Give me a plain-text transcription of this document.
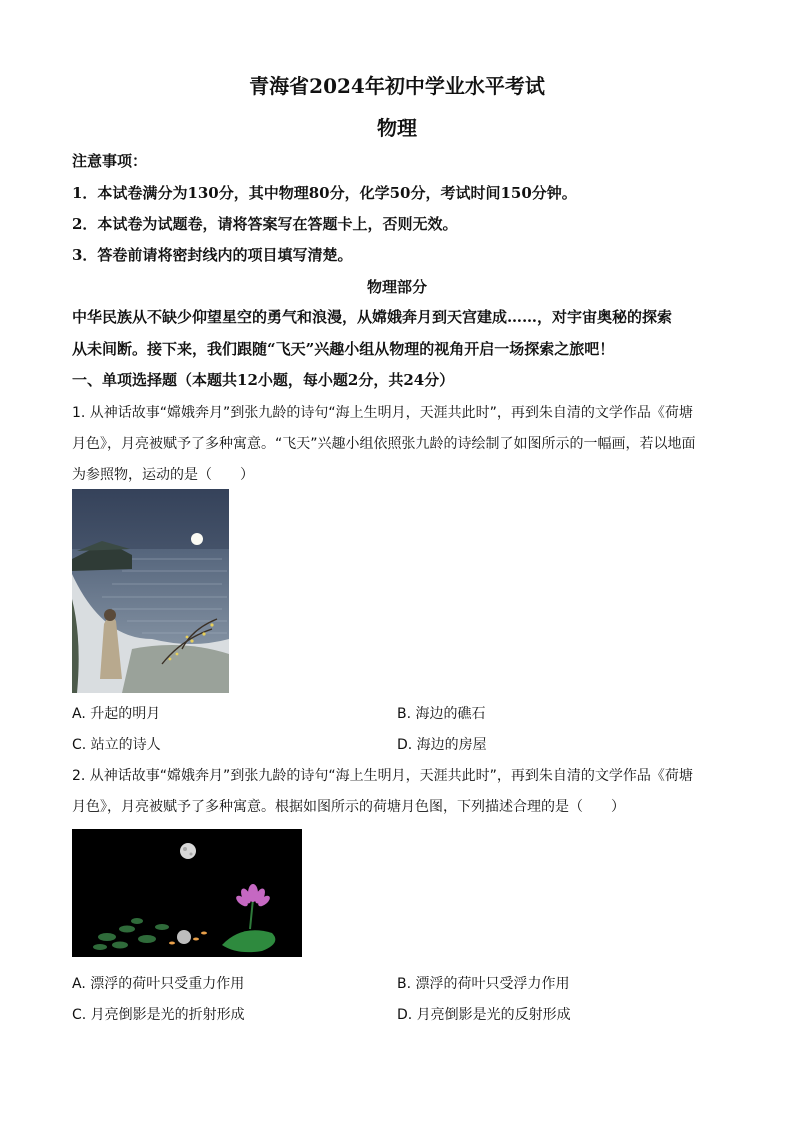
青海省2024年初中学业水平考试
物理
注意事项：
1．本试卷满分为130分，其中物理80分，化学50分，考试时间150分钟。
2．本试卷为试题卷，请将答案写在答题卡上，否则无效。
3．答卷前请将密封线内的项目填写清楚。
物理部分
中华民族从不缺少仰望星空的勇气和浪漫，从嫦娥奔月到天宫建成……，对宇宙奥秘的探索
从未间断。接下来，我们跟随“飞天”兴趣小组从物理的视角开启一场探索之旅吧！
一、单项选择题（本题共12小题，每小题2分，共24分）
1. 从神话故事“嫦娥奔月”到张九龄的诗句“海上生明月，天涯共此时”，再到朱自清的文学作品《荷塘
月色》，月亮被赋予了多种寓意。“飞天”兴趣小组依照张九龄的诗绘制了如图所示的一幅画，若以地面
为参照物，运动的是（　　）
A. 升起的明月	B. 海边的礁石
C. 站立的诗人	D. 海边的房屋
2. 从神话故事“嫦娥奔月”到张九龄的诗句“海上生明月，天涯共此时”，再到朱自清的文学作品《荷塘
月色》，月亮被赋予了多种寓意。根据如图所示的荷塘月色图，下列描述合理的是（　　）
A. 漂浮的荷叶只受重力作用	B. 漂浮的荷叶只受浮力作用
C. 月亮倒影是光的折射形成	D. 月亮倒影是光的反射形成
